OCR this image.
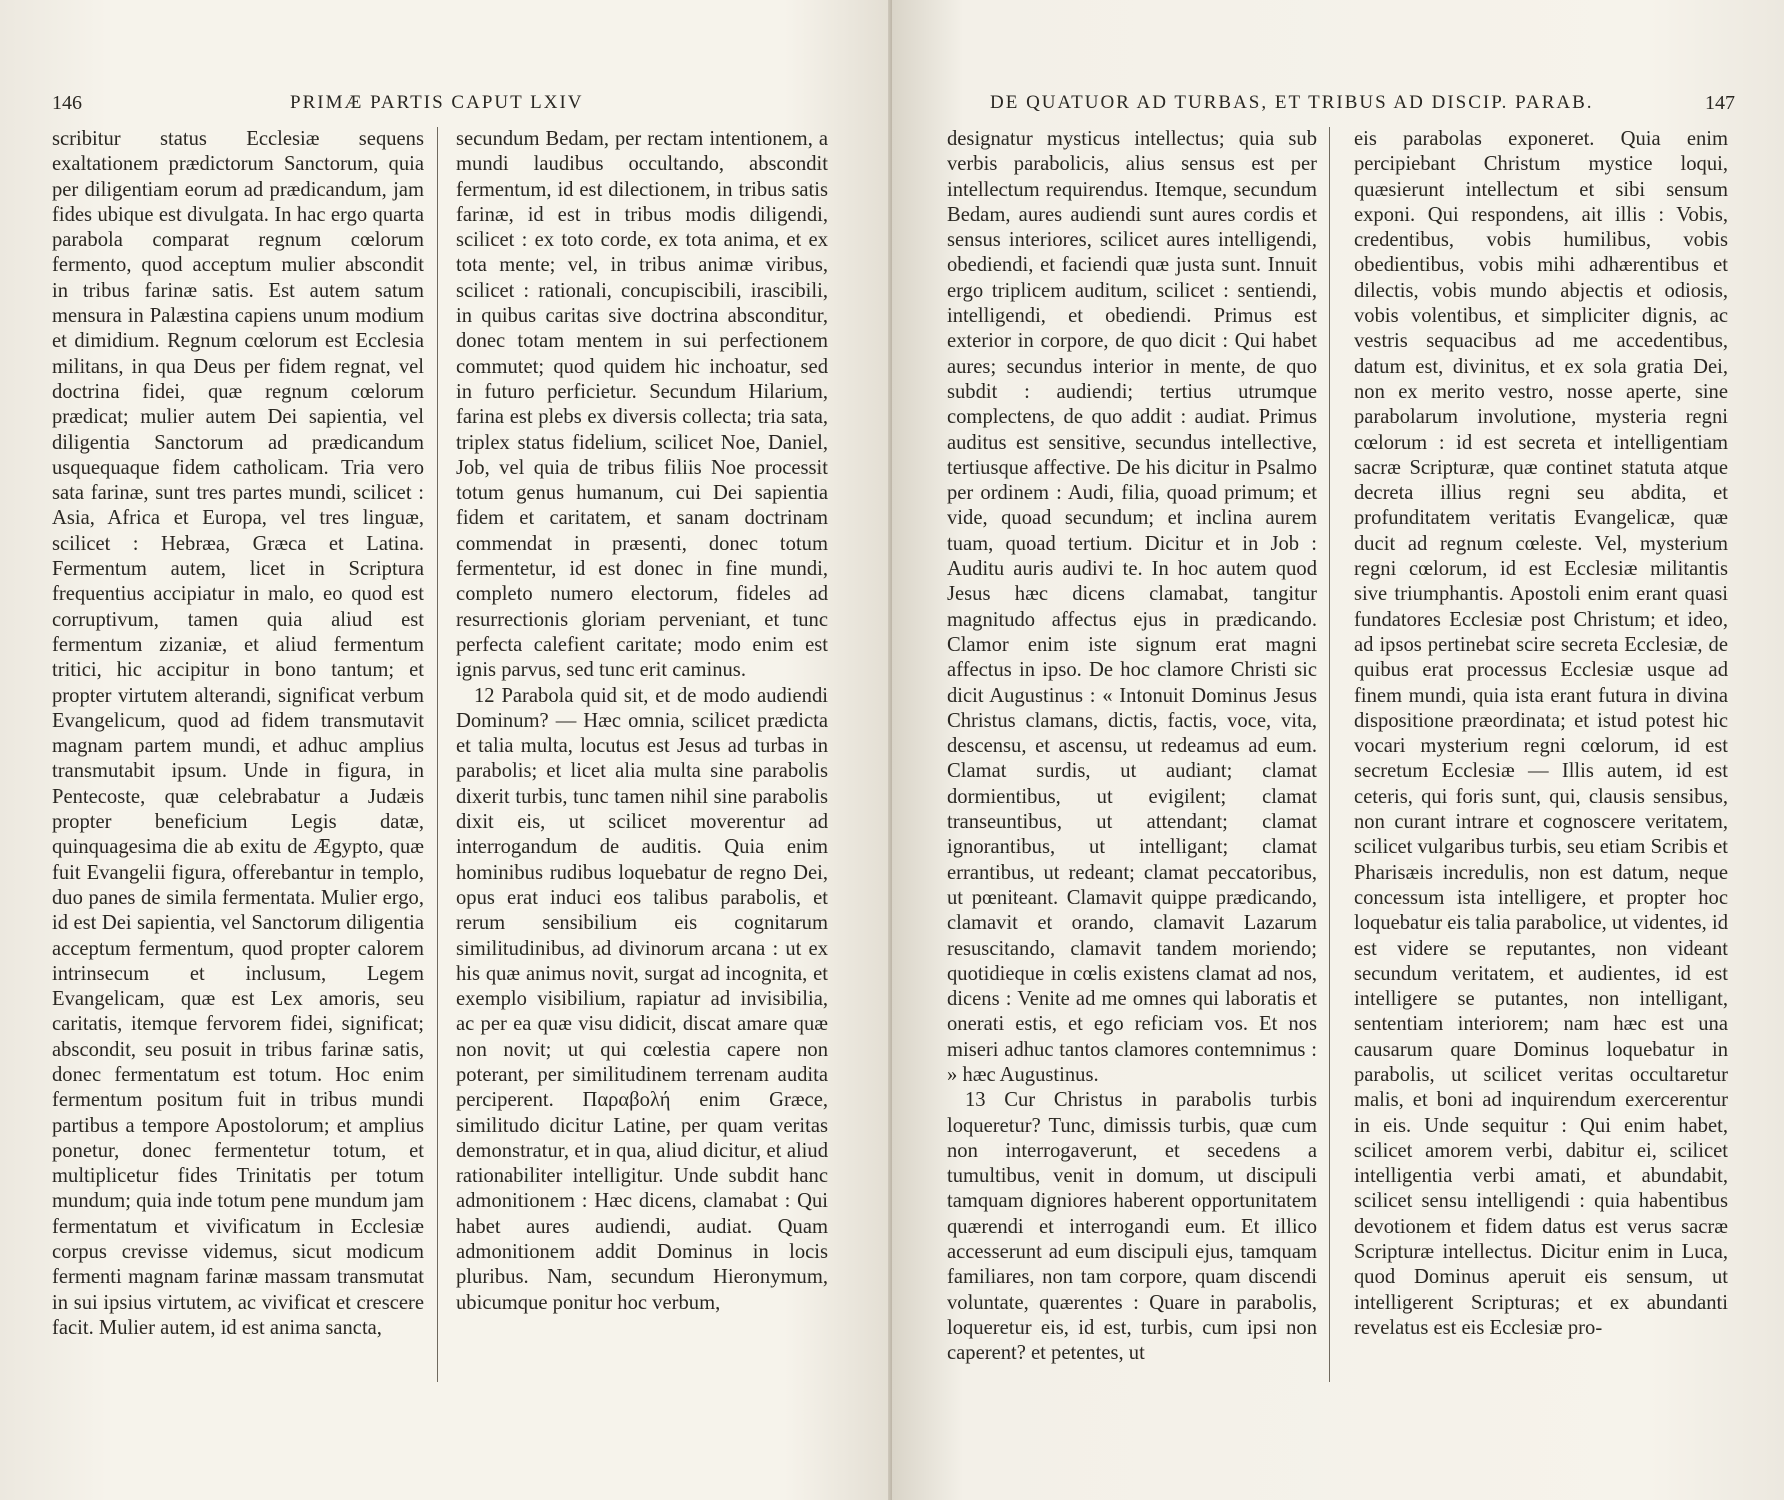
146	PRIMÆ PARTIS CAPUT LXIV

scribitur status Ecclesiæ sequens exaltationem prædictorum Sanctorum, quia per diligentiam eorum ad prædicandum, jam fides ubique est divulgata. In hac ergo quarta parabola comparat regnum cœlorum fermento, quod acceptum mulier abscondit in tribus farinæ satis. Est autem satum mensura in Palæstina capiens unum modium et dimidium. Regnum cœlorum est Ecclesia militans, in qua Deus per fidem regnat, vel doctrina fidei, quæ regnum cœlorum prædicat; mulier autem Dei sapientia, vel diligentia Sanctorum ad prædicandum usquequaque fidem catholicam. Tria vero sata farinæ, sunt tres partes mundi, scilicet : Asia, Africa et Europa, vel tres linguæ, scilicet : Hebræa, Græca et Latina. Fermentum autem, licet in Scriptura frequentius accipiatur in malo, eo quod est corruptivum, tamen quia aliud est fermentum zizaniæ, et aliud fermentum tritici, hic accipitur in bono tantum; et propter virtutem alterandi, significat verbum Evangelicum, quod ad fidem transmutavit magnam partem mundi, et adhuc amplius transmutabit ipsum. Unde in figura, in Pentecoste, quæ celebrabatur a Judæis propter beneficium Legis datæ, quinquagesima die ab exitu de Ægypto, quæ fuit Evangelii figura, offerebantur in templo, duo panes de simila fermentata. Mulier ergo, id est Dei sapientia, vel Sanctorum diligentia acceptum fermentum, quod propter calorem intrinsecum et inclusum, Legem Evangelicam, quæ est Lex amoris, seu caritatis, itemque fervorem fidei, significat; abscondit, seu posuit in tribus farinæ satis, donec fermentatum est totum. Hoc enim fermentum positum fuit in tribus mundi partibus a tempore Apostolorum; et amplius ponetur, donec fermentetur totum, et multiplicetur fides Trinitatis per totum mundum; quia inde totum pene mundum jam fermentatum et vivificatum in Ecclesiæ corpus crevisse videmus, sicut modicum fermenti magnam farinæ massam transmutat in sui ipsius virtutem, ac vivificat et crescere facit. Mulier autem, id est anima sancta,

secundum Bedam, per rectam intentionem, a mundi laudibus occultando, abscondit fermentum, id est dilectionem, in tribus satis farinæ, id est in tribus modis diligendi, scilicet : ex toto corde, ex tota anima, et ex tota mente; vel, in tribus animæ viribus, scilicet : rationali, concupiscibili, irascibili, in quibus caritas sive doctrina absconditur, donec totam mentem in sui perfectionem commutet; quod quidem hic inchoatur, sed in futuro perficietur. Secundum Hilarium, farina est plebs ex diversis collecta; tria sata, triplex status fidelium, scilicet Noe, Daniel, Job, vel quia de tribus filiis Noe processit totum genus humanum, cui Dei sapientia fidem et caritatem, et sanam doctrinam commendat in præsenti, donec totum fermentetur, id est donec in fine mundi, completo numero electorum, fideles ad resurrectionis gloriam perveniant, et tunc perfecta calefient caritate; modo enim est ignis parvus, sed tunc erit caminus.

12 Parabola quid sit, et de modo audiendi Dominum? — Hæc omnia, scilicet prædicta et talia multa, locutus est Jesus ad turbas in parabolis; et licet alia multa sine parabolis dixerit turbis, tunc tamen nihil sine parabolis dixit eis, ut scilicet moverentur ad interrogandum de auditis. Quia enim hominibus rudibus loquebatur de regno Dei, opus erat induci eos talibus parabolis, et rerum sensibilium eis cognitarum similitudinibus, ad divinorum arcana : ut ex his quæ animus novit, surgat ad incognita, et exemplo visibilium, rapiatur ad invisibilia, ac per ea quæ visu didicit, discat amare quæ non novit; ut qui cœlestia capere non poterant, per similitudinem terrenam audita perciperent. Παραβολή enim Græce, similitudo dicitur Latine, per quam veritas demonstratur, et in qua, aliud dicitur, et aliud rationabiliter intelligitur. Unde subdit hanc admonitionem : Hæc dicens, clamabat : Qui habet aures audiendi, audiat. Quam admonitionem addit Dominus in locis pluribus. Nam, secundum Hieronymum, ubicumque ponitur hoc verbum,

DE QUATUOR AD TURBAS, ET TRIBUS AD DISCIP. PARAB.	147

designatur mysticus intellectus; quia sub verbis parabolicis, alius sensus est per intellectum requirendus. Itemque, secundum Bedam, aures audiendi sunt aures cordis et sensus interiores, scilicet aures intelligendi, obediendi, et faciendi quæ justa sunt. Innuit ergo triplicem auditum, scilicet : sentiendi, intelligendi, et obediendi. Primus est exterior in corpore, de quo dicit : Qui habet aures; secundus interior in mente, de quo subdit : audiendi; tertius utrumque complectens, de quo addit : audiat. Primus auditus est sensitive, secundus intellective, tertiusque affective. De his dicitur in Psalmo per ordinem : Audi, filia, quoad primum; et vide, quoad secundum; et inclina aurem tuam, quoad tertium. Dicitur et in Job : Auditu auris audivi te. In hoc autem quod Jesus hæc dicens clamabat, tangitur magnitudo affectus ejus in prædicando. Clamor enim iste signum erat magni affectus in ipso. De hoc clamore Christi sic dicit Augustinus : « Intonuit Dominus Jesus Christus clamans, dictis, factis, voce, vita, descensu, et ascensu, ut redeamus ad eum. Clamat surdis, ut audiant; clamat dormientibus, ut evigilent; clamat transeuntibus, ut attendant; clamat ignorantibus, ut intelligant; clamat errantibus, ut redeant; clamat peccatoribus, ut pœniteant. Clamavit quippe prædicando, clamavit et orando, clamavit Lazarum resuscitando, clamavit tandem moriendo; quotidieque in cœlis existens clamat ad nos, dicens : Venite ad me omnes qui laboratis et onerati estis, et ego reficiam vos. Et nos miseri adhuc tantos clamores contemnimus : » hæc Augustinus.

13 Cur Christus in parabolis turbis loqueretur? Tunc, dimissis turbis, quæ cum non interrogaverunt, et secedens a tumultibus, venit in domum, ut discipuli tamquam digniores haberent opportunitatem quærendi et interrogandi eum. Et illico accesserunt ad eum discipuli ejus, tamquam familiares, non tam corpore, quam discendi voluntate, quærentes : Quare in parabolis, loqueretur eis, id est, turbis, cum ipsi non caperent? et petentes, ut

eis parabolas exponeret. Quia enim percipiebant Christum mystice loqui, quæsierunt intellectum et sibi sensum exponi. Qui respondens, ait illis : Vobis, credentibus, vobis humilibus, vobis obedientibus, vobis mihi adhærentibus et dilectis, vobis mundo abjectis et odiosis, vobis volentibus, et simpliciter dignis, ac vestris sequacibus ad me accedentibus, datum est, divinitus, et ex sola gratia Dei, non ex merito vestro, nosse aperte, sine parabolarum involutione, mysteria regni cœlorum : id est secreta et intelligentiam sacræ Scripturæ, quæ continet statuta atque decreta illius regni seu abdita, et profunditatem veritatis Evangelicæ, quæ ducit ad regnum cœleste. Vel, mysterium regni cœlorum, id est Ecclesiæ militantis sive triumphantis. Apostoli enim erant quasi fundatores Ecclesiæ post Christum; et ideo, ad ipsos pertinebat scire secreta Ecclesiæ, de quibus erat processus Ecclesiæ usque ad finem mundi, quia ista erant futura in divina dispositione præordinata; et istud potest hic vocari mysterium regni cœlorum, id est secretum Ecclesiæ — Illis autem, id est ceteris, qui foris sunt, qui, clausis sensibus, non curant intrare et cognoscere veritatem, scilicet vulgaribus turbis, seu etiam Scribis et Pharisæis incredulis, non est datum, neque concessum ista intelligere, et propter hoc loquebatur eis talia parabolice, ut videntes, id est videre se reputantes, non videant secundum veritatem, et audientes, id est intelligere se putantes, non intelligant, sententiam interiorem; nam hæc est una causarum quare Dominus loquebatur in parabolis, ut scilicet veritas occultaretur malis, et boni ad inquirendum exercerentur in eis. Unde sequitur : Qui enim habet, scilicet amorem verbi, dabitur ei, scilicet intelligentia verbi amati, et abundabit, scilicet sensu intelligendi : quia habentibus devotionem et fidem datus est verus sacræ Scripturæ intellectus. Dicitur enim in Luca, quod Dominus aperuit eis sensum, ut intelligerent Scripturas; et ex abundanti revelatus est eis Ecclesiæ pro-
